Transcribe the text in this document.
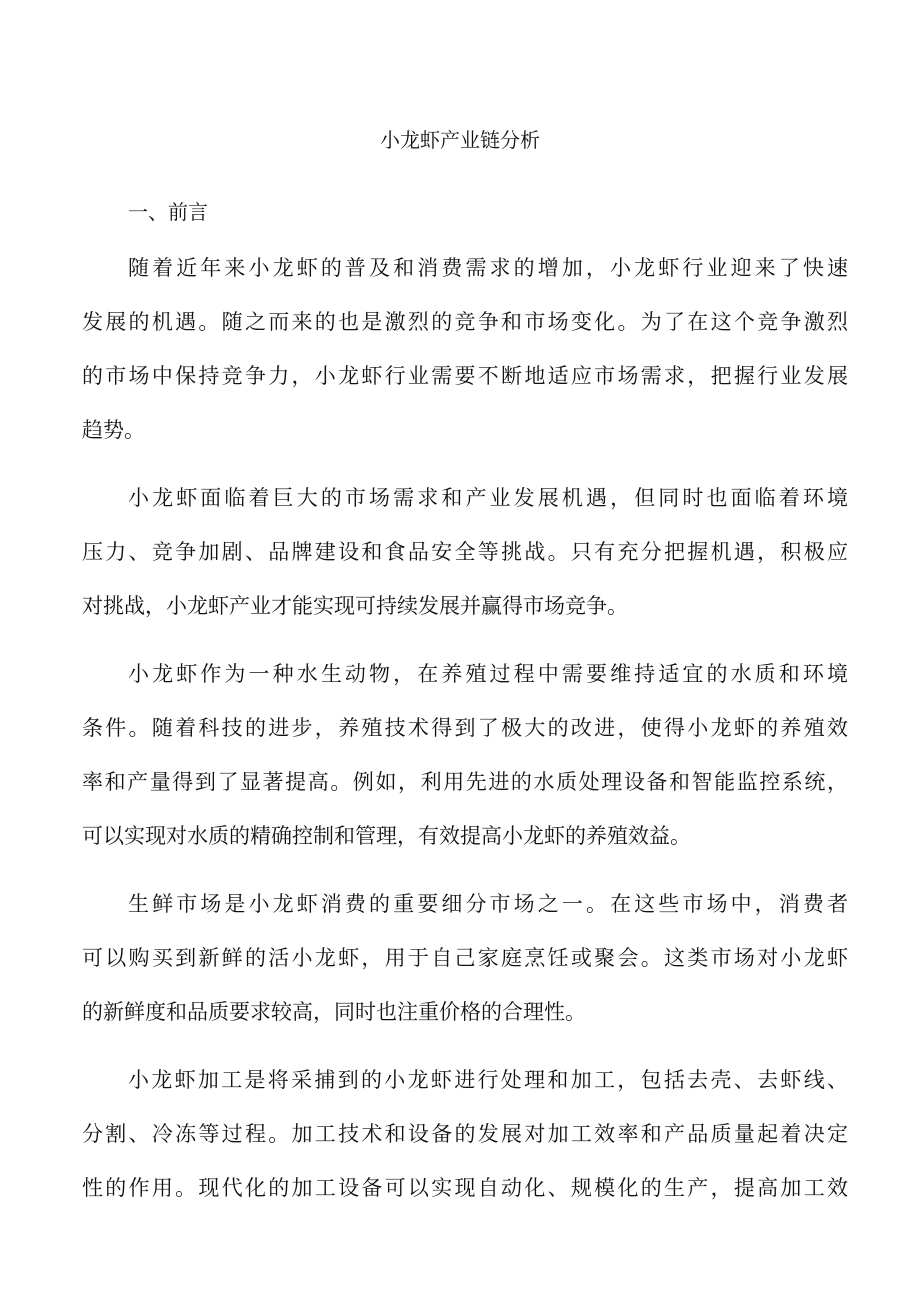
小龙虾产业链分析
一、前言
随着近年来小龙虾的普及和消费需求的增加，小龙虾行业迎来了快速
发展的机遇。随之而来的也是激烈的竞争和市场变化。为了在这个竞争激烈
的市场中保持竞争力，小龙虾行业需要不断地适应市场需求，把握行业发展
趋势。
小龙虾面临着巨大的市场需求和产业发展机遇，但同时也面临着环境
压力、竞争加剧、品牌建设和食品安全等挑战。只有充分把握机遇，积极应
对挑战，小龙虾产业才能实现可持续发展并赢得市场竞争。
小龙虾作为一种水生动物，在养殖过程中需要维持适宜的水质和环境
条件。随着科技的进步，养殖技术得到了极大的改进，使得小龙虾的养殖效
率和产量得到了显著提高。例如，利用先进的水质处理设备和智能监控系统，
可以实现对水质的精确控制和管理，有效提高小龙虾的养殖效益。
生鲜市场是小龙虾消费的重要细分市场之一。在这些市场中，消费者
可以购买到新鲜的活小龙虾，用于自己家庭烹饪或聚会。这类市场对小龙虾
的新鲜度和品质要求较高，同时也注重价格的合理性。
小龙虾加工是将采捕到的小龙虾进行处理和加工，包括去壳、去虾线、
分割、冷冻等过程。加工技术和设备的发展对加工效率和产品质量起着决定
性的作用。现代化的加工设备可以实现自动化、规模化的生产，提高加工效
